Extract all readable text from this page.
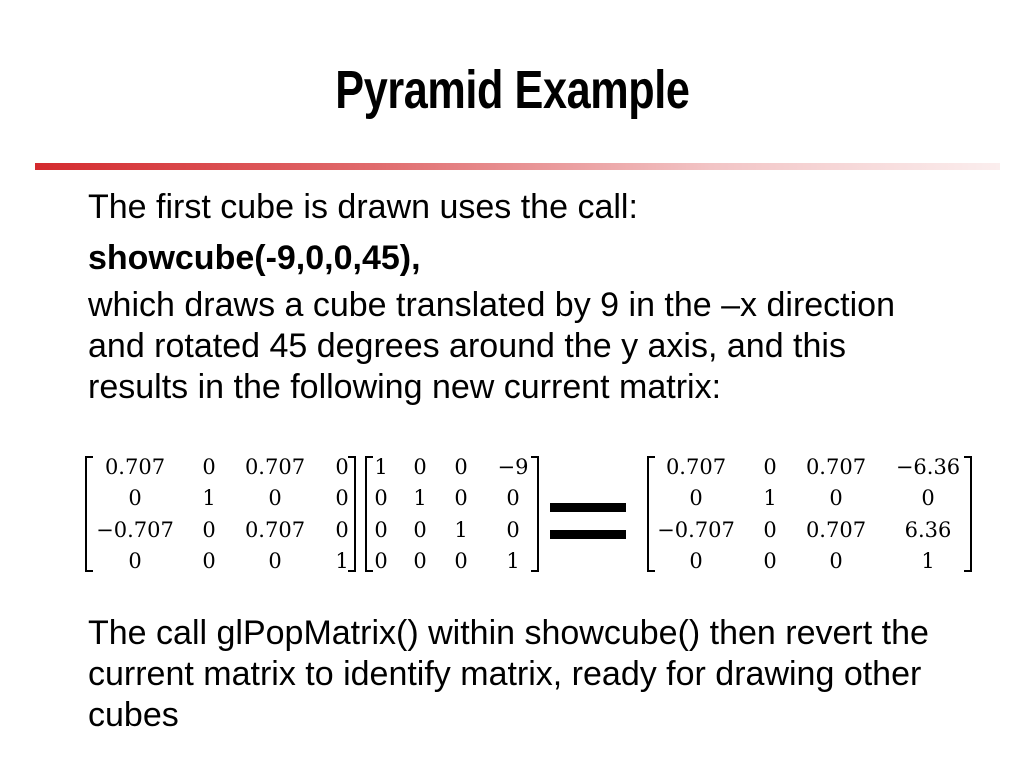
Pyramid Example
The first cube is drawn uses the call:
showcube(-9,0,0,45),
which draws a cube translated by 9 in the –x direction
and rotated 45 degrees around the y axis, and this
results in the following new current matrix:
0.707	0	0.707	0
0	1	0	0
−0.707	0	0.707	0
0	0	0	1
1	0	0	−9
0	1	0	0
0	0	1	0
0	0	0	1
0.707	0	0.707	−6.36
0	1	0	0
−0.707	0	0.707	6.36
0	0	0	1
The call glPopMatrix() within showcube() then revert the
current matrix to identify matrix, ready for drawing other
cubes
